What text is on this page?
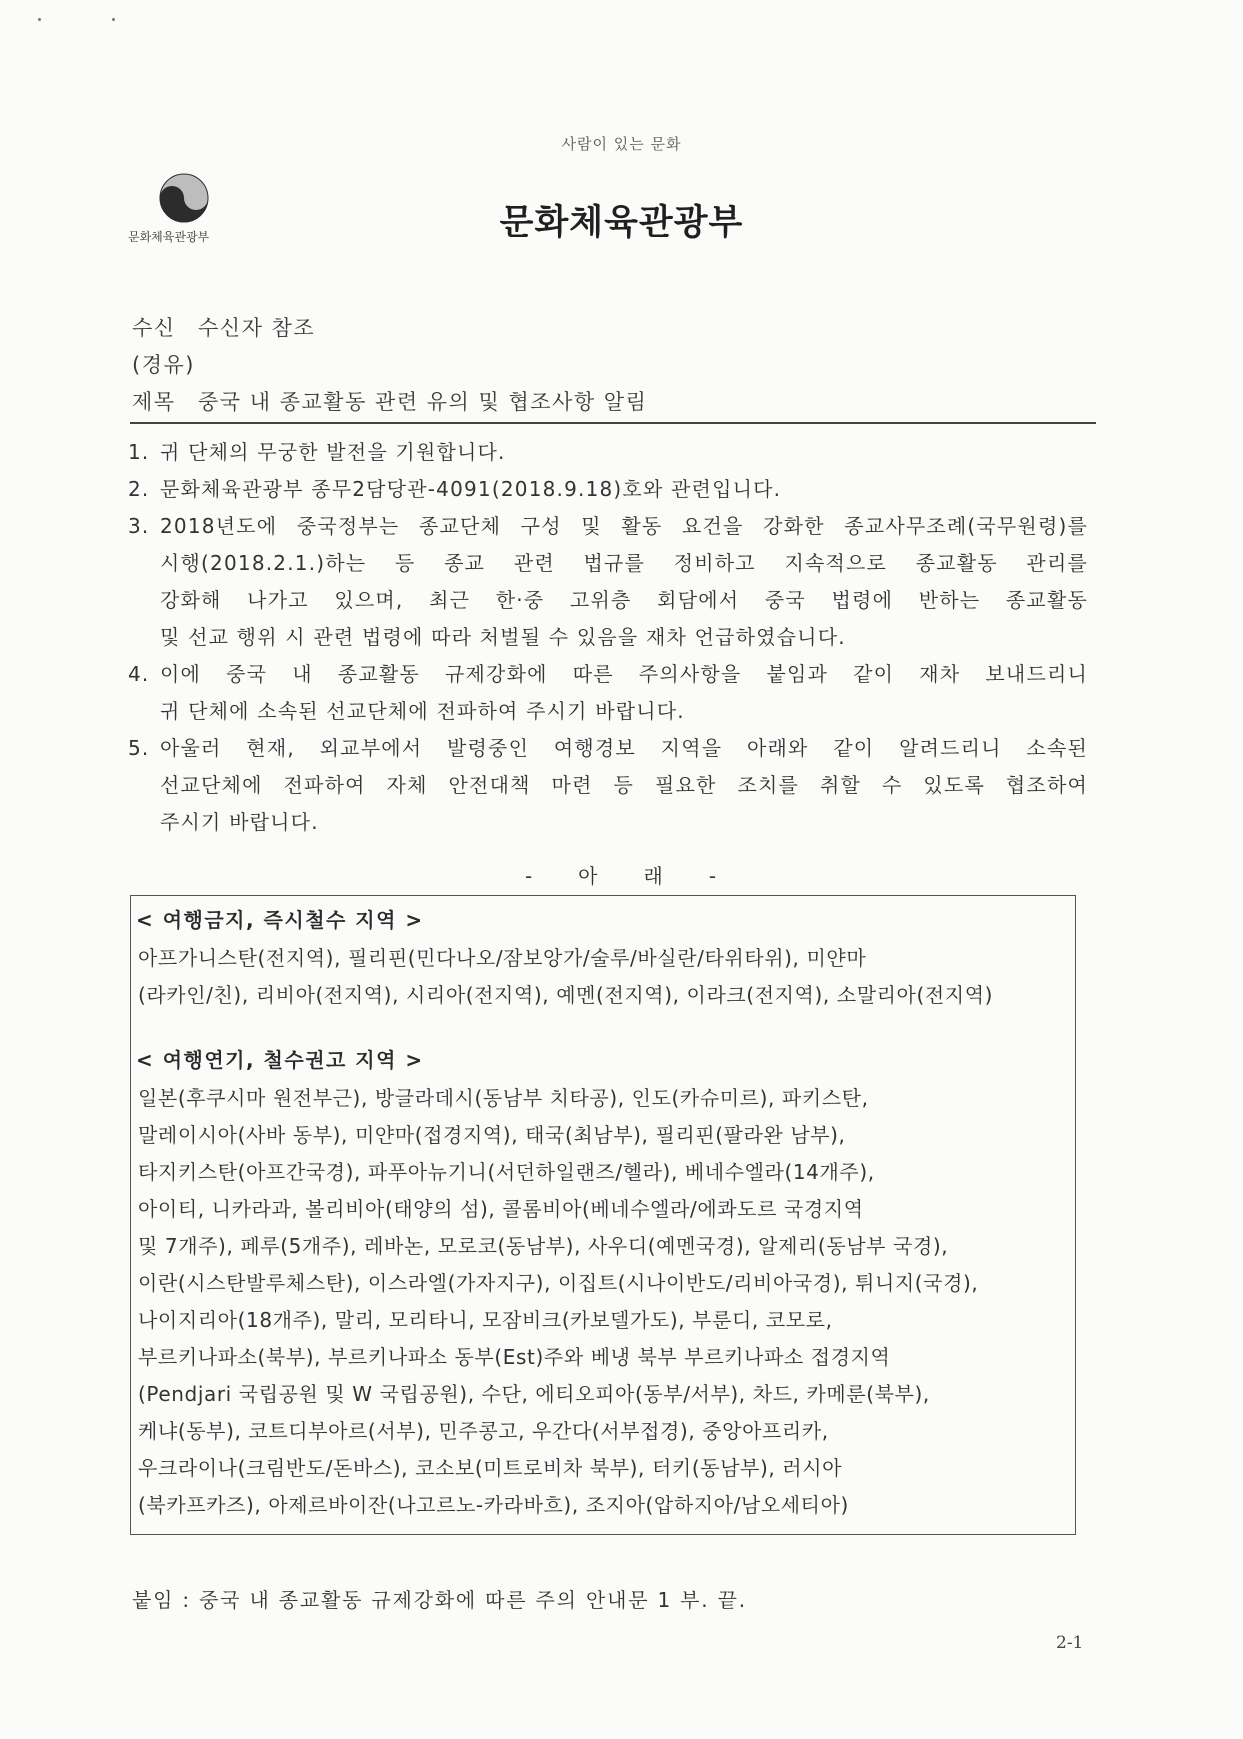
사람이 있는 문화
문화체육관광부	문화체육관광부
수신 수신자 참조
(경유)
제목 중국 내 종교활동 관련 유의 및 협조사항 알림
1. 귀 단체의 무궁한 발전을 기원합니다.
2. 문화체육관광부 종무2담당관-4091(2018.9.18)호와 관련입니다.
3. 2018년도에 중국정부는 종교단체 구성 및 활동 요건을 강화한 종교사무조례(국무원령)를
시행(2018.2.1.)하는 등 종교 관련 법규를 정비하고 지속적으로 종교활동 관리를
강화해 나가고 있으며, 최근 한·중 고위층 회담에서 중국 법령에 반하는 종교활동
및 선교 행위 시 관련 법령에 따라 처벌될 수 있음을 재차 언급하였습니다.
4. 이에 중국 내 종교활동 규제강화에 따른 주의사항을 붙임과 같이 재차 보내드리니
귀 단체에 소속된 선교단체에 전파하여 주시기 바랍니다.
5. 아울러 현재, 외교부에서 발령중인 여행경보 지역을 아래와 같이 알려드리니 소속된
선교단체에 전파하여 자체 안전대책 마련 등 필요한 조치를 취할 수 있도록 협조하여
주시기 바랍니다.
- 아 래 -
< 여행금지, 즉시철수 지역 >
아프가니스탄(전지역), 필리핀(민다나오/잠보앙가/술루/바실란/타위타위), 미얀마
(라카인/친), 리비아(전지역), 시리아(전지역), 예멘(전지역), 이라크(전지역), 소말리아(전지역)
< 여행연기, 철수권고 지역 >
일본(후쿠시마 원전부근), 방글라데시(동남부 치타공), 인도(카슈미르), 파키스탄,
말레이시아(사바 동부), 미얀마(접경지역), 태국(최남부), 필리핀(팔라완 남부),
타지키스탄(아프간국경), 파푸아뉴기니(서던하일랜즈/헬라), 베네수엘라(14개주),
아이티, 니카라과, 볼리비아(태양의 섬), 콜롬비아(베네수엘라/에콰도르 국경지역
및 7개주), 페루(5개주), 레바논, 모로코(동남부), 사우디(예멘국경), 알제리(동남부 국경),
이란(시스탄발루체스탄), 이스라엘(가자지구), 이집트(시나이반도/리비아국경), 튀니지(국경),
나이지리아(18개주), 말리, 모리타니, 모잠비크(카보델가도), 부룬디, 코모로,
부르키나파소(북부), 부르키나파소 동부(Est)주와 베냉 북부 부르키나파소 접경지역
(Pendjari 국립공원 및 W 국립공원), 수단, 에티오피아(동부/서부), 차드, 카메룬(북부),
케냐(동부), 코트디부아르(서부), 민주콩고, 우간다(서부접경), 중앙아프리카,
우크라이나(크림반도/돈바스), 코소보(미트로비차 북부), 터키(동남부), 러시아
(북카프카즈), 아제르바이잔(나고르노-카라바흐), 조지아(압하지아/남오세티아)
붙임 : 중국 내 종교활동 규제강화에 따른 주의 안내문 1 부. 끝.
2-1
